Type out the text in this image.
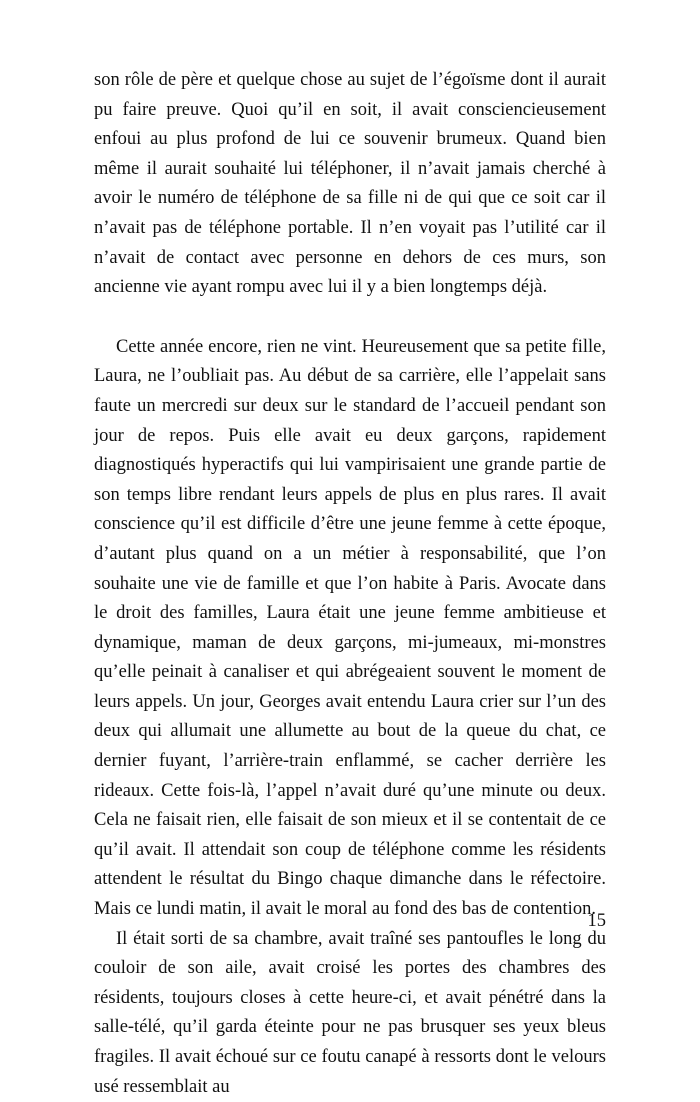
son rôle de père et quelque chose au sujet de l’égoïsme dont il aurait pu faire preuve. Quoi qu’il en soit, il avait consciencieusement enfoui au plus profond de lui ce souvenir brumeux. Quand bien même il aurait souhaité lui téléphoner, il n’avait jamais cherché à avoir le numéro de téléphone de sa fille ni de qui que ce soit car il n’avait pas de téléphone portable. Il n’en voyait pas l’utilité car il n’avait de contact avec personne en dehors de ces murs, son ancienne vie ayant rompu avec lui il y a bien longtemps déjà.

Cette année encore, rien ne vint. Heureusement que sa petite fille, Laura, ne l’oubliait pas. Au début de sa carrière, elle l’appelait sans faute un mercredi sur deux sur le standard de l’accueil pendant son jour de repos. Puis elle avait eu deux garçons, rapidement diagnostiqués hyperactifs qui lui vampirisaient une grande partie de son temps libre rendant leurs appels de plus en plus rares. Il avait conscience qu’il est difficile d’être une jeune femme à cette époque, d’autant plus quand on a un métier à responsabilité, que l’on souhaite une vie de famille et que l’on habite à Paris. Avocate dans le droit des familles, Laura était une jeune femme ambitieuse et dynamique, maman de deux garçons, mi-jumeaux, mi-monstres qu’elle peinait à canaliser et qui abrégeaient souvent le moment de leurs appels. Un jour, Georges avait entendu Laura crier sur l’un des deux qui allumait une allumette au bout de la queue du chat, ce dernier fuyant, l’arrière-train enflammé, se cacher derrière les rideaux. Cette fois-là, l’appel n’avait duré qu’une minute ou deux. Cela ne faisait rien, elle faisait de son mieux et il se contentait de ce qu’il avait. Il attendait son coup de téléphone comme les résidents attendent le résultat du Bingo chaque dimanche dans le réfectoire. Mais ce lundi matin, il avait le moral au fond des bas de contention.

Il était sorti de sa chambre, avait traîné ses pantoufles le long du couloir de son aile, avait croisé les portes des chambres des résidents, toujours closes à cette heure-ci, et avait pénétré dans la salle-télé, qu’il garda éteinte pour ne pas brusquer ses yeux bleus fragiles. Il avait échoué sur ce foutu canapé à ressorts dont le velours usé ressemblait au

15
